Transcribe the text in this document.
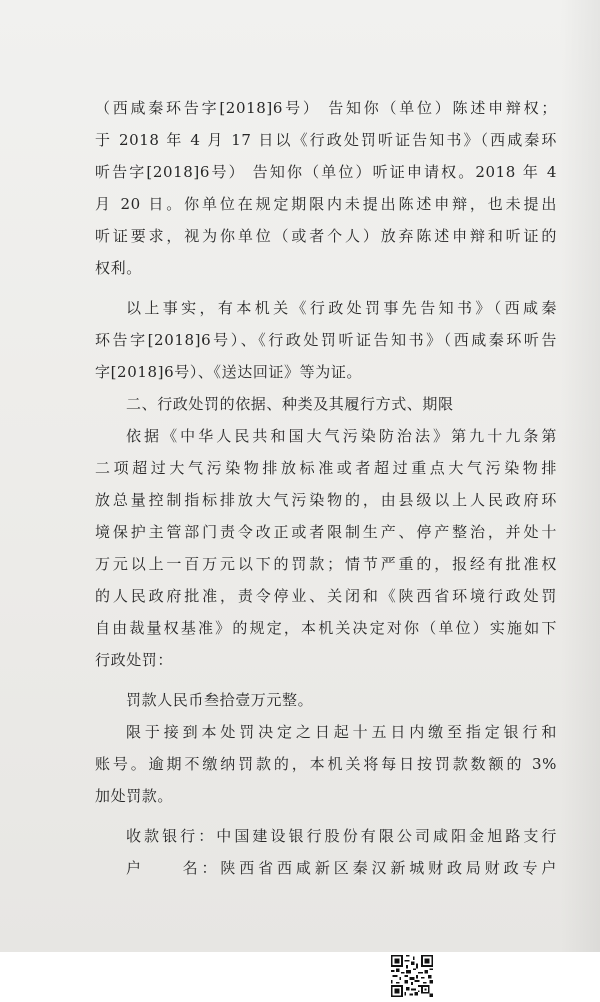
（西咸秦环告字[2018]6号） 告知你（单位）陈述申辩权；
于 2018 年 4 月 17 日以《行政处罚听证告知书》（西咸秦环
听告字[2018]6号） 告知你（单位）听证申请权。2018 年 4
月 20 日。你单位在规定期限内未提出陈述申辩，也未提出
听证要求，视为你单位（或者个人）放弃陈述申辩和听证的
权利。
以上事实，有本机关《行政处罚事先告知书》（西咸秦
环告字[2018]6号）、《行政处罚听证告知书》（西咸秦环听告
字[2018]6号）、《送达回证》等为证。
二、行政处罚的依据、种类及其履行方式、期限
依据《中华人民共和国大气污染防治法》第九十九条第
二项超过大气污染物排放标准或者超过重点大气污染物排
放总量控制指标排放大气污染物的，由县级以上人民政府环
境保护主管部门责令改正或者限制生产、停产整治，并处十
万元以上一百万元以下的罚款；情节严重的，报经有批准权
的人民政府批准，责令停业、关闭和《陕西省环境行政处罚
自由裁量权基准》的规定，本机关决定对你（单位）实施如下
行政处罚：
罚款人民币叁拾壹万元整。
限于接到本处罚决定之日起十五日内缴至指定银行和
账号。逾期不缴纳罚款的，本机关将每日按罚款数额的 3%
加处罚款。
收款银行：中国建设银行股份有限公司咸阳金旭路支行
户　　名：陕西省西咸新区秦汉新城财政局财政专户
